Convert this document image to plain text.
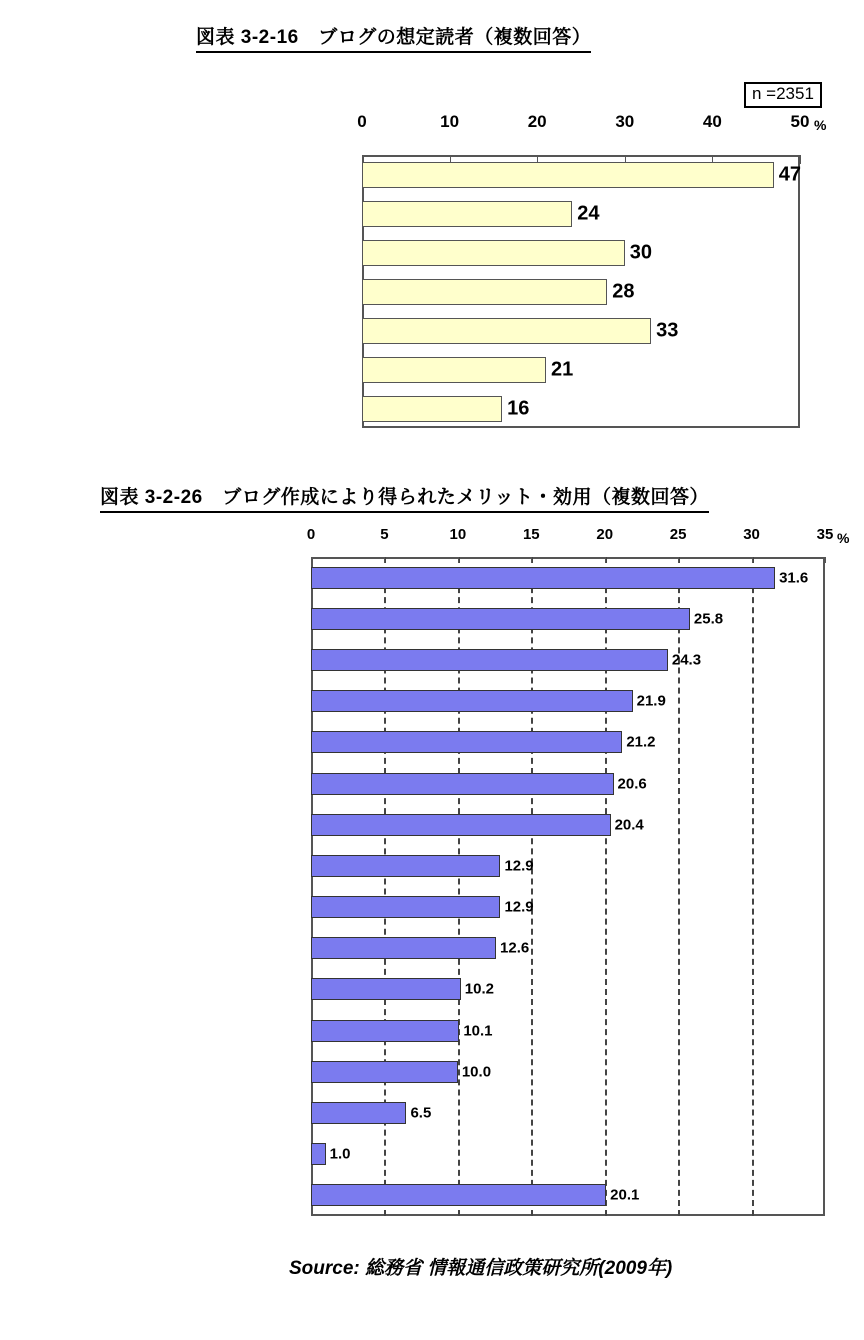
図表 3-2-16　ブログの想定読者（複数回答）
n =2351
0	10	20	30	40	50 %
47
24
30
28
33
21
16
図表 3-2-26　ブログ作成により得られたメリット・効用（複数回答）
0	5	10	15	20	25	30	35 %
31.6
25.8
24.3
21.9
21.2
20.6
20.4
12.9
12.9
12.6
10.2
10.1
10.0
6.5
1.0
20.1
Source: 総務省 情報通信政策研究所(2009年)
